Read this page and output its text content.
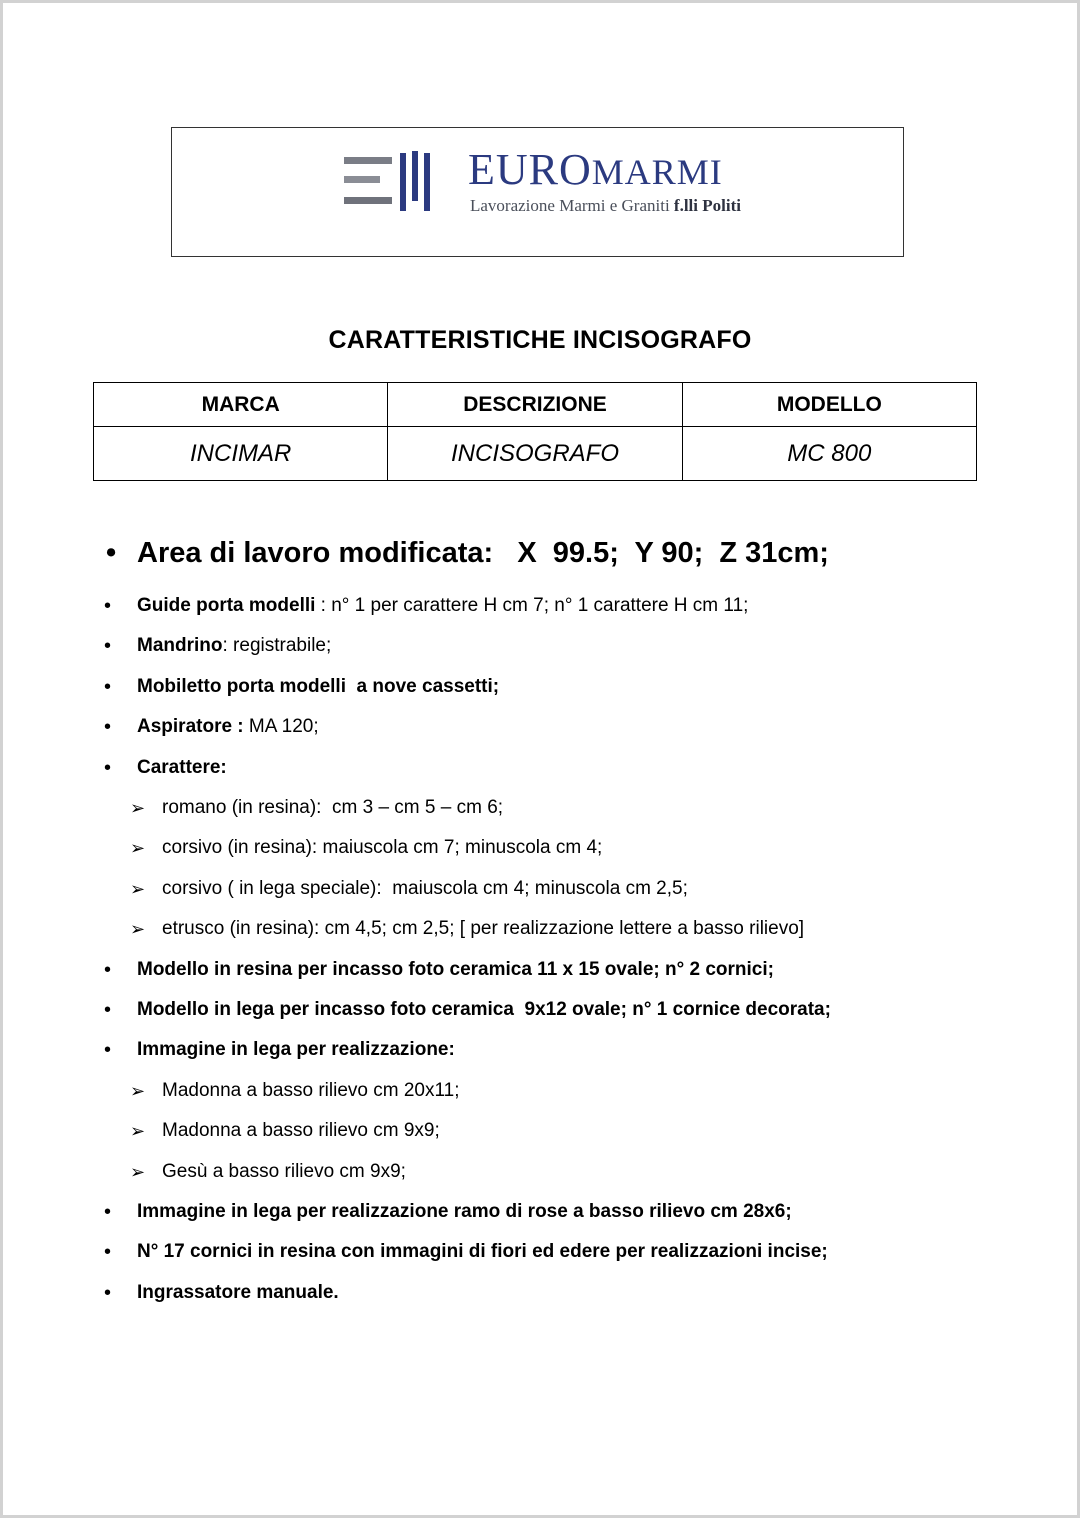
EUROMARMI
Lavorazione Marmi e Graniti f.lli Politi
CARATTERISTICHE INCISOGRAFO
MARCA	DESCRIZIONE	MODELLO
INCIMAR	INCISOGRAFO	MC 800
• Area di lavoro modificata:   X  99.5;  Y 90;  Z 31cm;
• Guide porta modelli : n° 1 per carattere H cm 7; n° 1 carattere H cm 11;
• Mandrino: registrabile;
• Mobiletto porta modelli  a nove cassetti;
• Aspiratore : MA 120;
• Carattere:
➢ romano (in resina):  cm 3 – cm 5 – cm 6;
➢ corsivo (in resina): maiuscola cm 7; minuscola cm 4;
➢ corsivo ( in lega speciale):  maiuscola cm 4; minuscola cm 2,5;
➢ etrusco (in resina): cm 4,5; cm 2,5; [ per realizzazione lettere a basso rilievo]
• Modello in resina per incasso foto ceramica 11 x 15 ovale; n° 2 cornici;
• Modello in lega per incasso foto ceramica  9x12 ovale; n° 1 cornice decorata;
• Immagine in lega per realizzazione:
➢ Madonna a basso rilievo cm 20x11;
➢ Madonna a basso rilievo cm 9x9;
➢ Gesù a basso rilievo cm 9x9;
• Immagine in lega per realizzazione ramo di rose a basso rilievo cm 28x6;
• N° 17 cornici in resina con immagini di fiori ed edere per realizzazioni incise;
• Ingrassatore manuale.
